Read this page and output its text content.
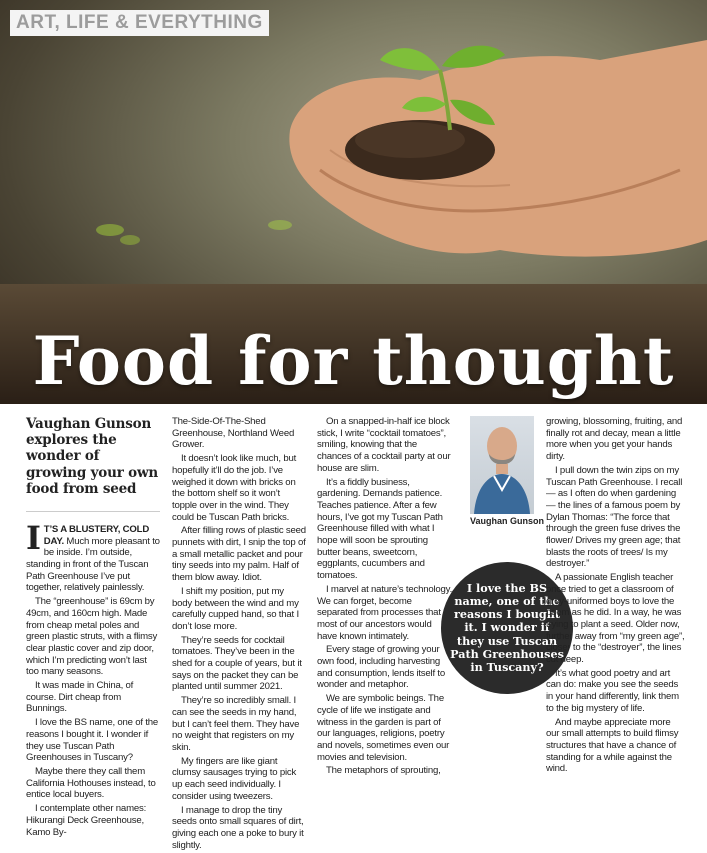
ART, LIFE & EVERYTHING
Food for thought
Vaughan Gunson explores the wonder of growing your own food from seed

I T’S A BLUSTERY, COLD DAY. Much more pleasant to be inside. I’m outside, standing in front of the Tuscan Path Greenhouse I’ve put together, relatively painlessly.

The “greenhouse” is 69cm by 49cm, and 160cm high. Made from cheap metal poles and green plastic struts, with a flimsy clear plastic cover and zip door, which I’m predicting won’t last too many seasons.

It was made in China, of course. Dirt cheap from Bunnings.

I love the BS name, one of the reasons I bought it. I wonder if they use Tuscan Path Greenhouses in Tuscany?

Maybe there they call them California Hothouses instead, to entice local buyers.

I contemplate other names: Hikurangi Deck Greenhouse, Kamo By-

The-Side-Of-The-Shed Greenhouse, Northland Weed Grower.

It doesn’t look like much, but hopefully it’ll do the job. I’ve weighed it down with bricks on the bottom shelf so it won’t topple over in the wind. They could be Tuscan Path bricks.

After filling rows of plastic seed punnets with dirt, I snip the top of a small metallic packet and pour tiny seeds into my palm. Half of them blow away. Idiot.

I shift my position, put my body between the wind and my carefully cupped hand, so that I don’t lose more.

They’re seeds for cocktail tomatoes. They’ve been in the shed for a couple of years, but it says on the packet they can be planted until summer 2021.

They’re so incredibly small. I can see the seeds in my hand, but I can’t feel them. They have no weight that registers on my skin.

My fingers are like giant clumsy sausages trying to pick up each seed individually. I consider using tweezers.

I manage to drop the tiny seeds onto small squares of dirt, giving each one a poke to bury it slightly.

On a snapped-in-half ice block stick, I write “cocktail tomatoes”, smiling, knowing that the chances of a cocktail party at our house are slim.

It’s a fiddly business, gardening. Demands patience. Teaches patience. After a few hours, I’ve got my Tuscan Path Greenhouse filled with what I hope will soon be sprouting butter beans, sweetcorn, eggplants, cucumbers and tomatoes.

I marvel at nature’s technology. We can forget, become separated from processes that most of our ancestors would have known intimately.

Every stage of growing your own food, including harvesting and consumption, lends itself to wonder and metaphor.

We are symbolic beings. The cycle of life we instigate and witness in the garden is part of our languages, religions, poetry and novels, sometimes even our movies and television.

The metaphors of sprouting,

Vaughan Gunson
I love the BS name, one of the reasons I bought it. I wonder if they use Tuscan Path Greenhouses in Tuscany?

growing, blossoming, fruiting, and finally rot and decay, mean a little more when you get your hands dirty.

I pull down the twin zips on my Tuscan Path Greenhouse. I recall — as I often do when gardening — the lines of a famous poem by Dylan Thomas: “The force that through the green fuse drives the flower/ Drives my green age; that blasts the roots of trees/ Is my destroyer.”

A passionate English teacher once tried to get a classroom of grey-uniformed boys to love the poem as he did. In a way, he was trying to plant a seed. Older now, further away from “my green age”, closer to the “destroyer”, the lines cut deep.

It’s what good poetry and art can do: make you see the seeds in your hand differently, link them to the big mystery of life.

And maybe appreciate more our small attempts to build flimsy structures that have a chance of standing for a while against the wind.
